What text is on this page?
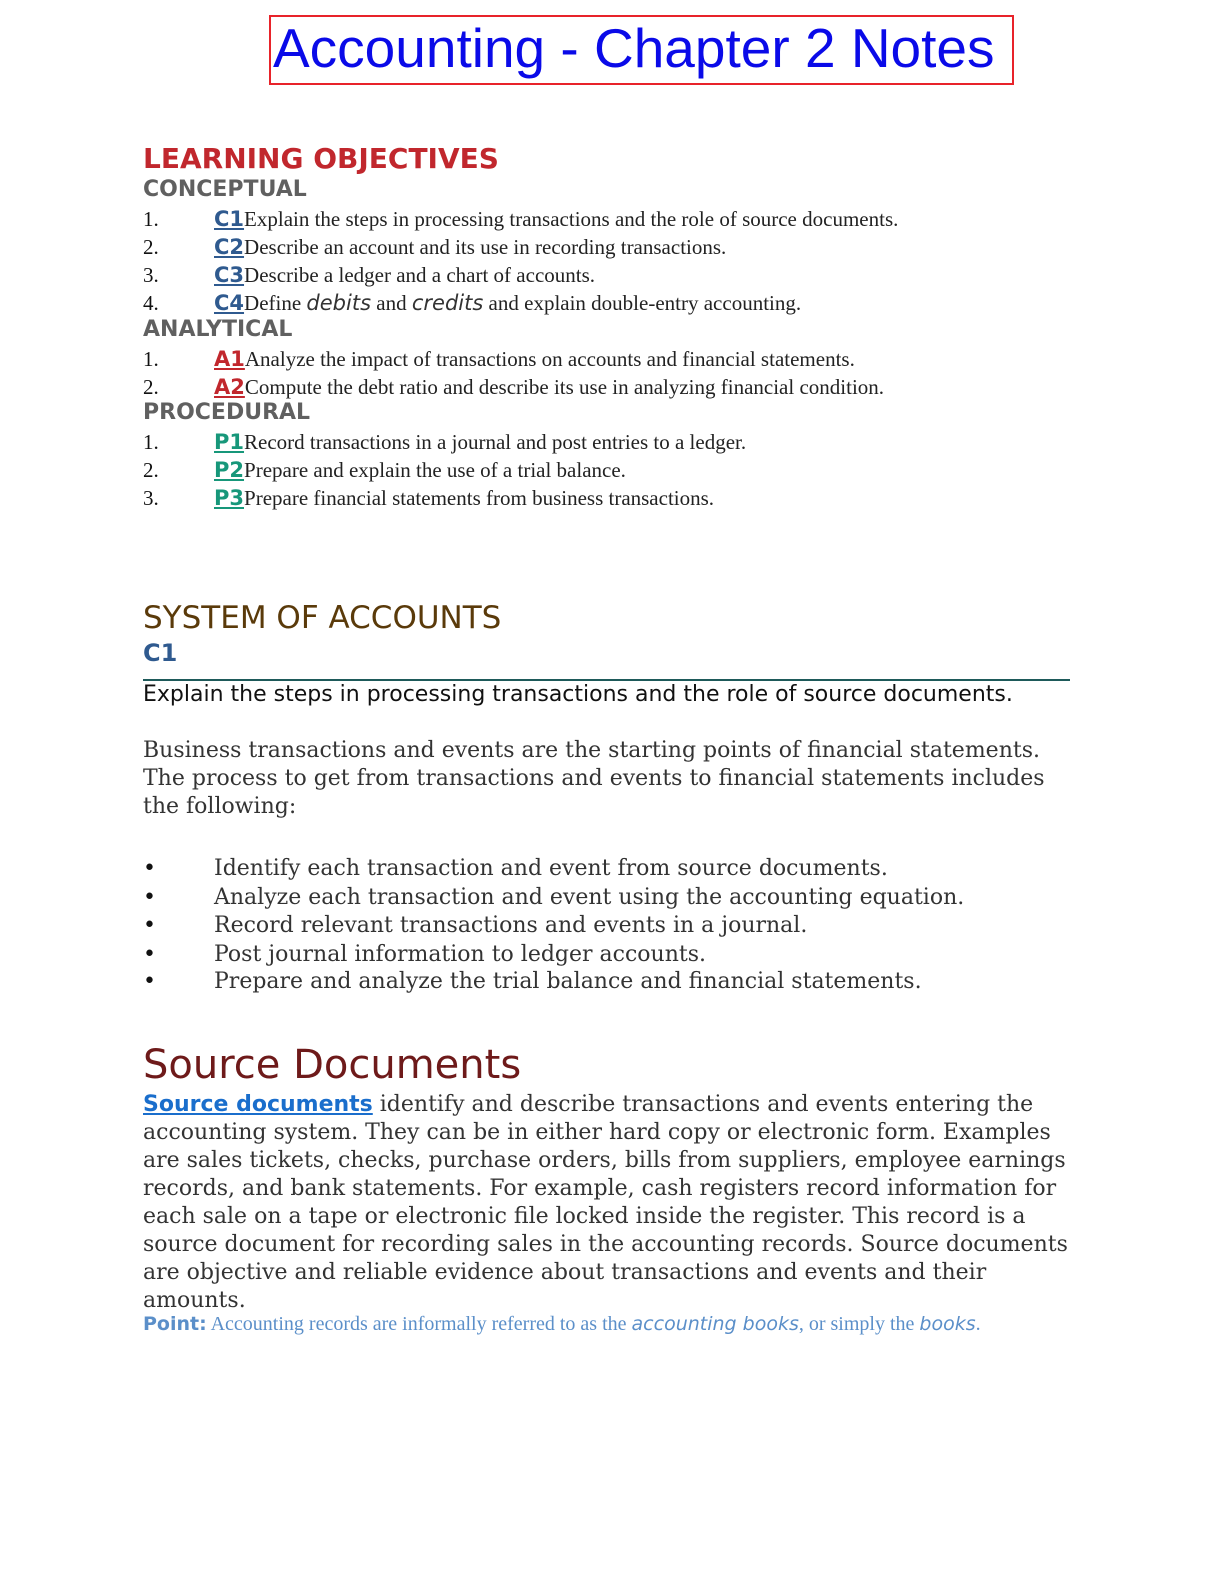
Accounting - Chapter 2 Notes
LEARNING OBJECTIVES
CONCEPTUAL
1.	C1Explain the steps in processing transactions and the role of source documents.
2.	C2Describe an account and its use in recording transactions.
3.	C3Describe a ledger and a chart of accounts.
4.	C4Define debits and credits and explain double-entry accounting.
ANALYTICAL
1.	A1Analyze the impact of transactions on accounts and financial statements.
2.	A2Compute the debt ratio and describe its use in analyzing financial condition.
PROCEDURAL
1.	P1Record transactions in a journal and post entries to a ledger.
2.	P2Prepare and explain the use of a trial balance.
3.	P3Prepare financial statements from business transactions.
SYSTEM OF ACCOUNTS
C1
Explain the steps in processing transactions and the role of source documents.
Business transactions and events are the starting points of financial statements. The process to get from transactions and events to financial statements includes the following:
•	Identify each transaction and event from source documents.
•	Analyze each transaction and event using the accounting equation.
•	Record relevant transactions and events in a journal.
•	Post journal information to ledger accounts.
•	Prepare and analyze the trial balance and financial statements.
Source Documents
Source documents identify and describe transactions and events entering the accounting system. They can be in either hard copy or electronic form. Examples are sales tickets, checks, purchase orders, bills from suppliers, employee earnings records, and bank statements. For example, cash registers record information for each sale on a tape or electronic file locked inside the register. This record is a source document for recording sales in the accounting records. Source documents are objective and reliable evidence about transactions and events and their amounts.
Point: Accounting records are informally referred to as the accounting books, or simply the books.
